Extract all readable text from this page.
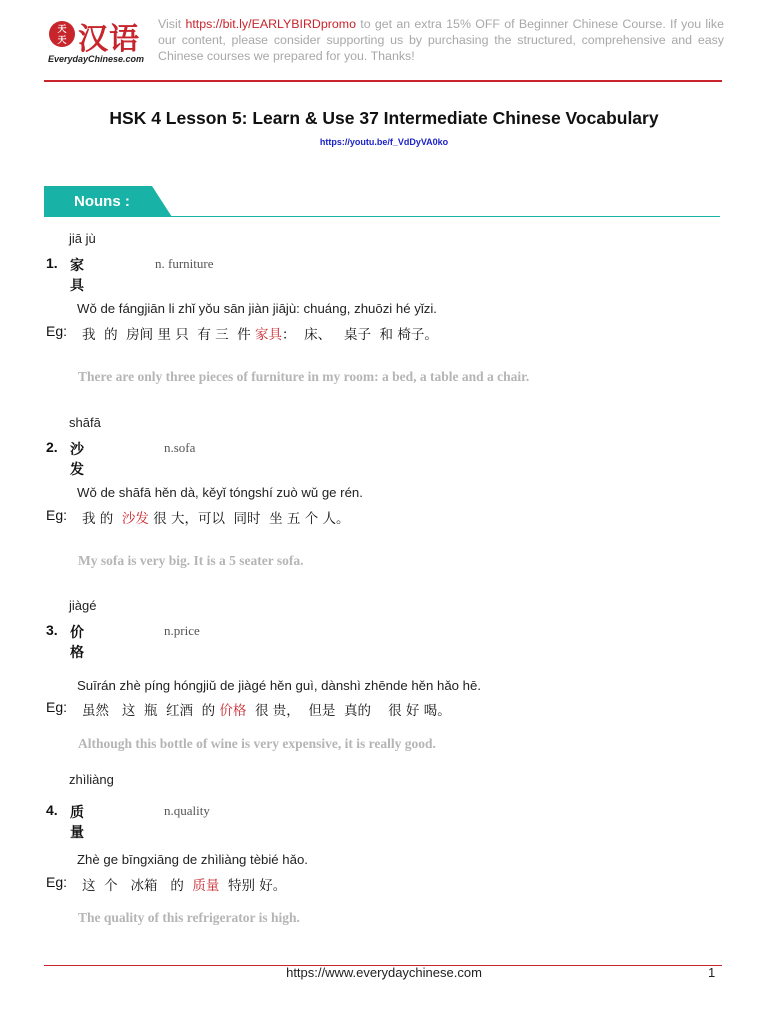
天
天 汉语
EverydayChinese.com
Visit https://bit.ly/EARLYBIRDpromo to get an extra 15% OFF of Beginner Chinese Course. If you like our content, please consider supporting us by purchasing the structured, comprehensive and easy Chinese courses we prepared for you. Thanks!
HSK 4 Lesson 5: Learn & Use 37 Intermediate Chinese Vocabulary
https://youtu.be/f_VdDyVA0ko
Nouns :
jiā jù
1. 家具
n. furniture
Wǒ de fángjiān li zhǐ yǒu sān jiàn jiājù: chuáng, zhuōzi hé yǐzi.
Eg: 我  的  房间 里 只  有 三  件 家具：  床、   桌子  和 椅子。
There are only three pieces of furniture in my room: a bed, a table and a chair.
shāfā
2. 沙发
n.sofa
Wǒ de shāfā hěn dà, kěyǐ tóngshí zuò wǔ ge rén.
Eg: 我 的  沙发 很 大，可以  同时  坐 五 个 人。
My sofa is very big. It is a 5 seater sofa.
jiàgé
3. 价格
n.price
Suīrán zhè píng hóngjiǔ de jiàgé hěn guì, dànshì zhēnde hěn hǎo hē.
Eg: 虽然   这  瓶  红酒  的 价格  很 贵，  但是  真的    很 好 喝。
Although this bottle of wine is very expensive, it is really good.
zhìliàng
4. 质量
n.quality
Zhè ge bīngxiāng de zhìliàng tèbié hǎo.
Eg: 这  个   冰箱   的  质量  特别 好。
The quality of this refrigerator is high.
https://www.everydaychinese.com	1
